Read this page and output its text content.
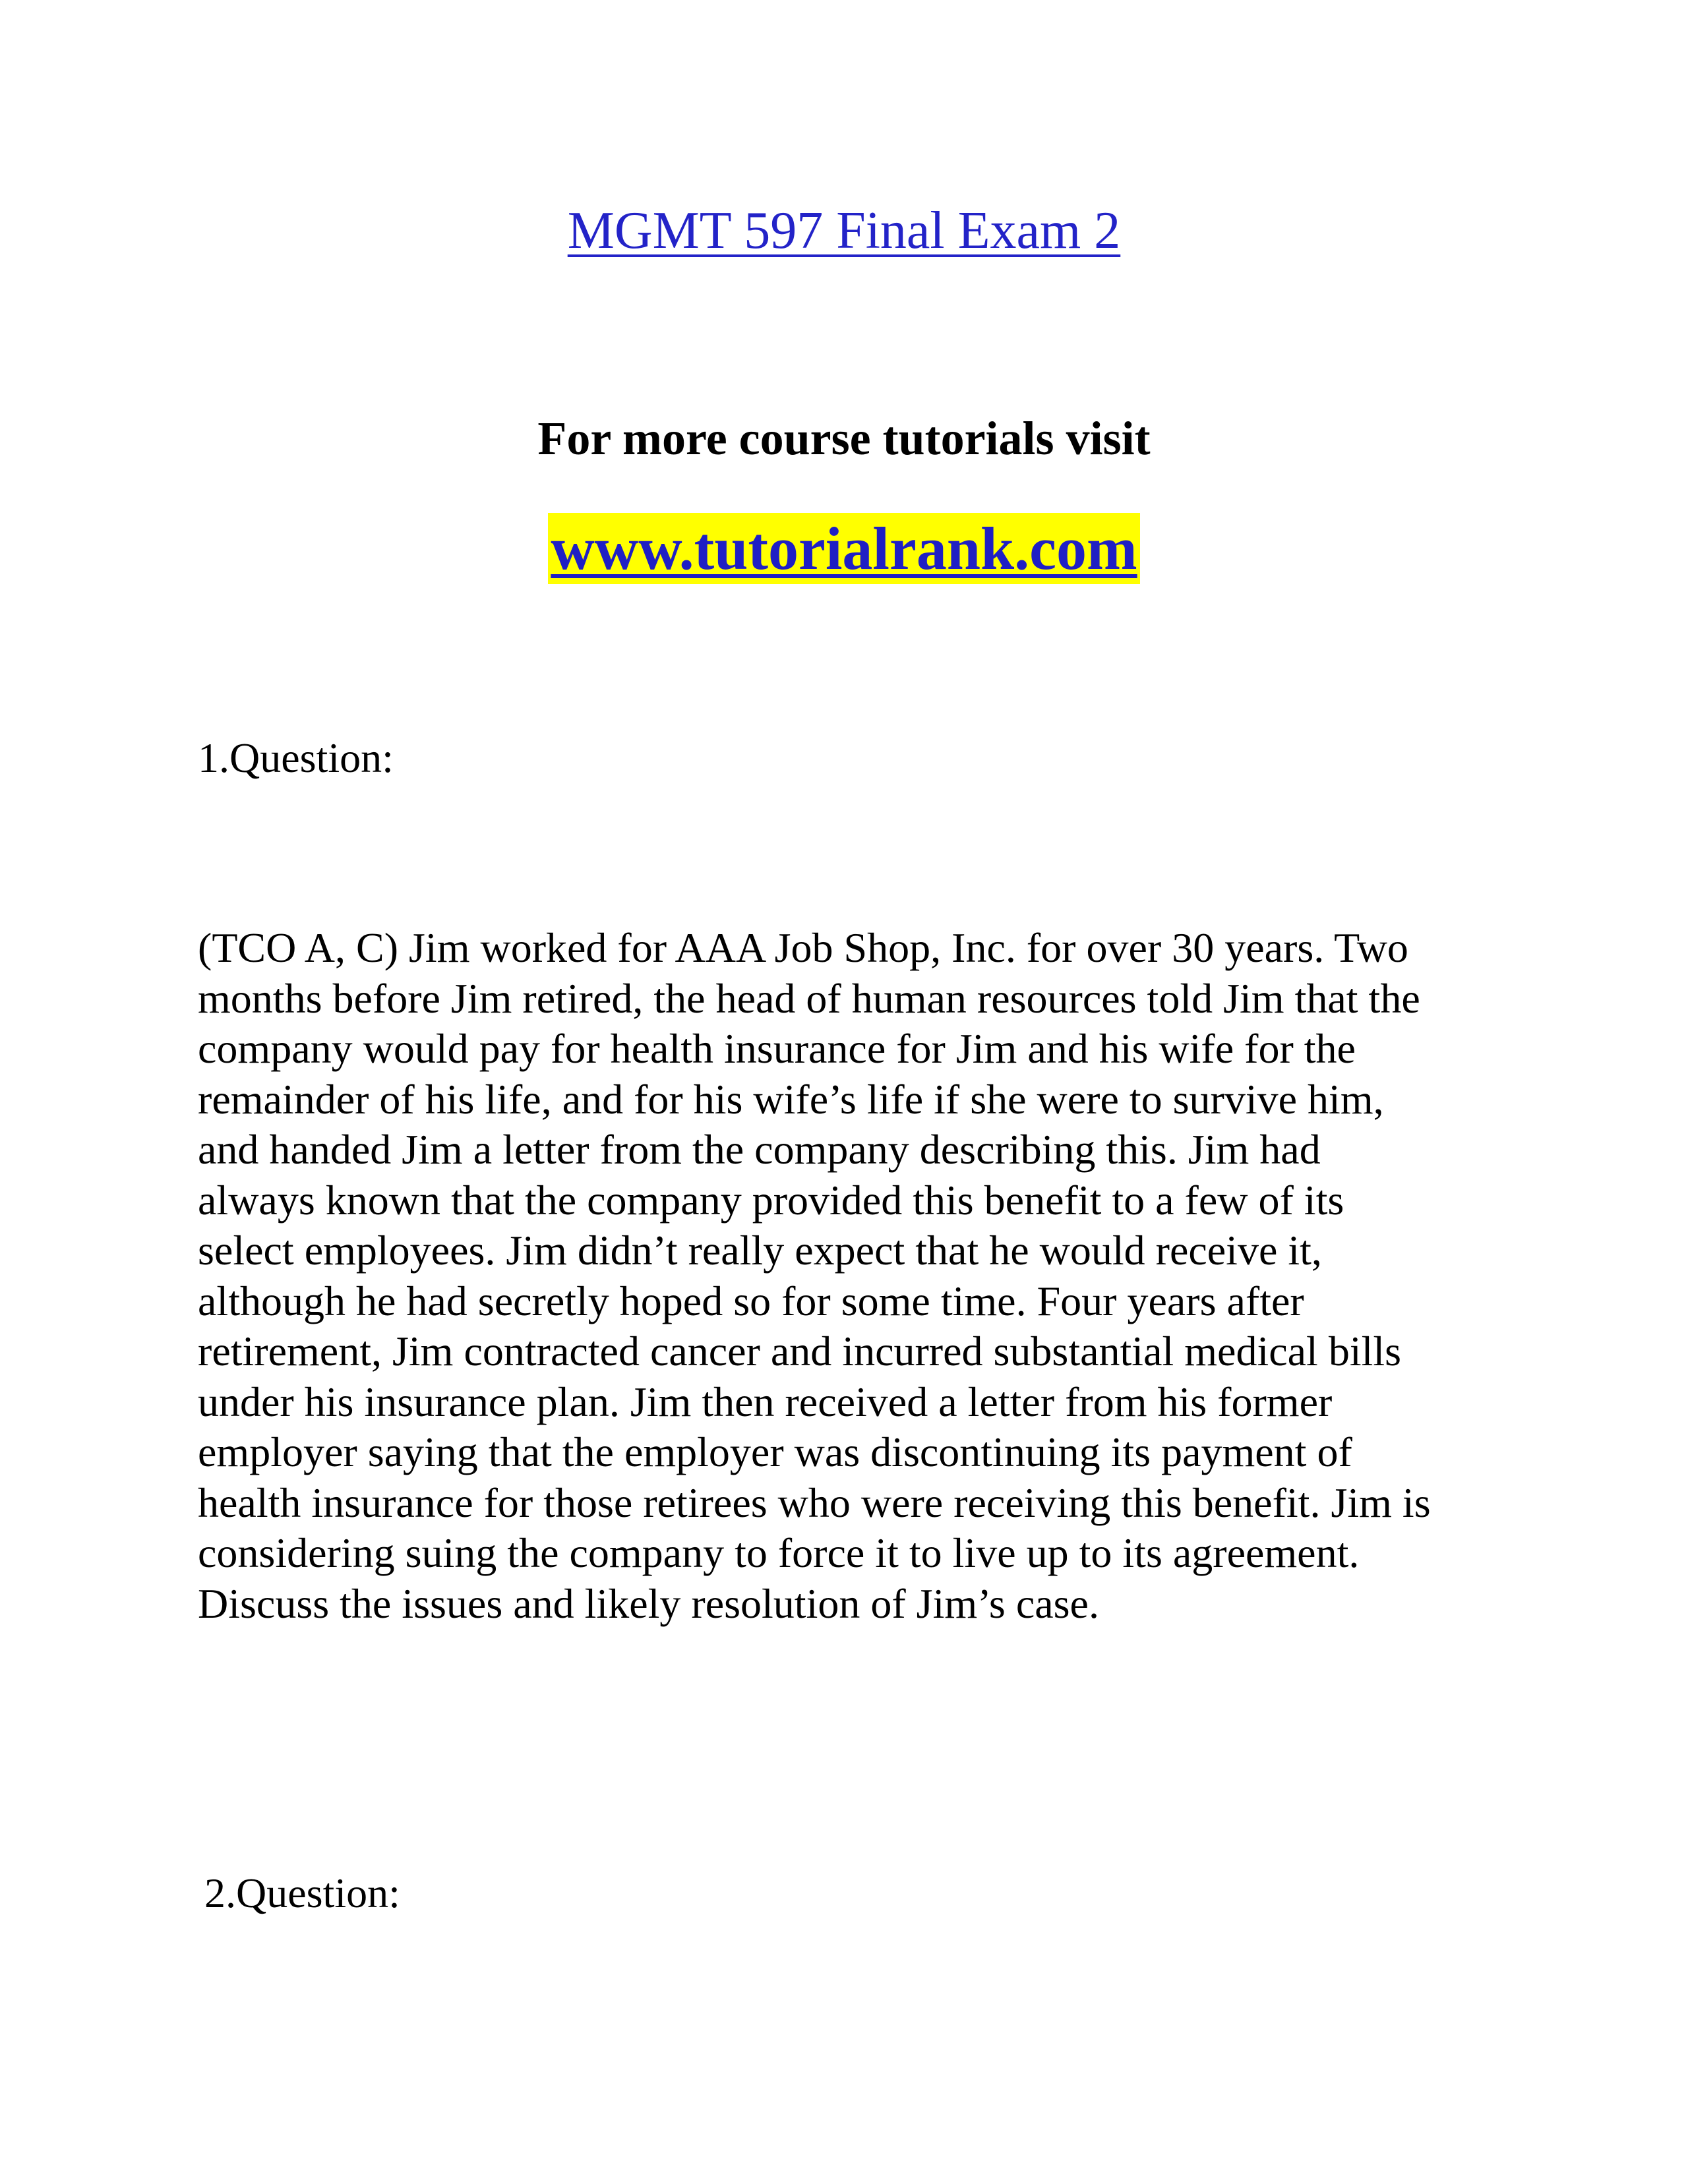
MGMT 597 Final Exam 2
For more course tutorials visit
www.tutorialrank.com
1.Question:

(TCO A, C) Jim worked for AAA Job Shop, Inc. for over 30 years. Two
months before Jim retired, the head of human resources told Jim that the
company would pay for health insurance for Jim and his wife for the
remainder of his life, and for his wife’s life if she were to survive him,
and handed Jim a letter from the company describing this. Jim had
always known that the company provided this benefit to a few of its
select employees. Jim didn’t really expect that he would receive it,
although he had secretly hoped so for some time. Four years after
retirement, Jim contracted cancer and incurred substantial medical bills
under his insurance plan. Jim then received a letter from his former
employer saying that the employer was discontinuing its payment of
health insurance for those retirees who were receiving this benefit. Jim is
considering suing the company to force it to live up to its agreement.
Discuss the issues and likely resolution of Jim’s case.

2.Question:
